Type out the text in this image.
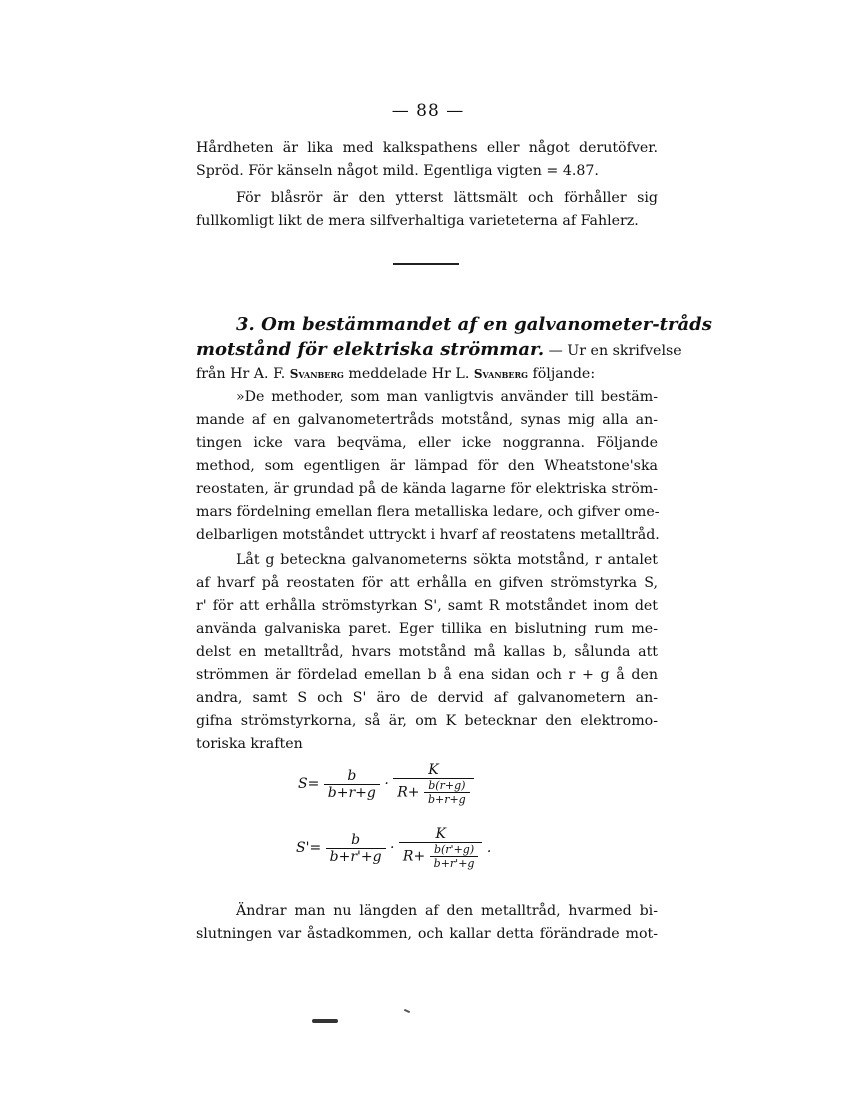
— 88 —
Hårdheten är lika med kalkspathens eller något derutöfver.
Spröd. För känseln något mild. Egentliga vigten = 4.87.
För blåsrör är den ytterst lättsmält och förhåller sig
fullkomligt likt de mera silfverhaltiga varieteterna af Fahlerz.
3. Om bestämmandet af en galvanometer-tråds
motstånd för elektriska strömmar. — Ur en skrifvelse
från Hr A. F. Svanberg meddelade Hr L. Svanberg följande:
»De methoder, som man vanligtvis använder till bestäm-
mande af en galvanometertråds motstånd, synas mig alla an-
tingen icke vara beqväma, eller icke noggranna. Följande
method, som egentligen är lämpad för den Wheatstone'ska
reostaten, är grundad på de kända lagarne för elektriska ström-
mars fördelning emellan flera metalliska ledare, och gifver ome-
delbarligen motståndet uttryckt i hvarf af reostatens metalltråd.
Låt g beteckna galvanometerns sökta motstånd, r antalet
af hvarf på reostaten för att erhålla en gifven strömstyrka S,
r' för att erhålla strömstyrkan S', samt R motståndet inom det
använda galvaniska paret. Eger tillika en bislutning rum me-
delst en metalltråd, hvars motstånd må kallas b, sålunda att
strömmen är fördelad emellan b å ena sidan och r + g å den
andra, samt S och S' äro de dervid af galvanometern an-
gifna strömstyrkorna, så är, om K betecknar den elektromo-
toriska kraften
$S= \frac{b}{b+r+g} \cdot \frac{K}{R+ \frac{b(r+g)}{b+r+g}}$
$S'= \frac{b}{b+r'+g} \cdot \frac{K}{R+ \frac{b(r'+g)}{b+r'+g}}$ .
Ändrar man nu längden af den metalltråd, hvarmed bi-
slutningen var åstadkommen, och kallar detta förändrade mot-
